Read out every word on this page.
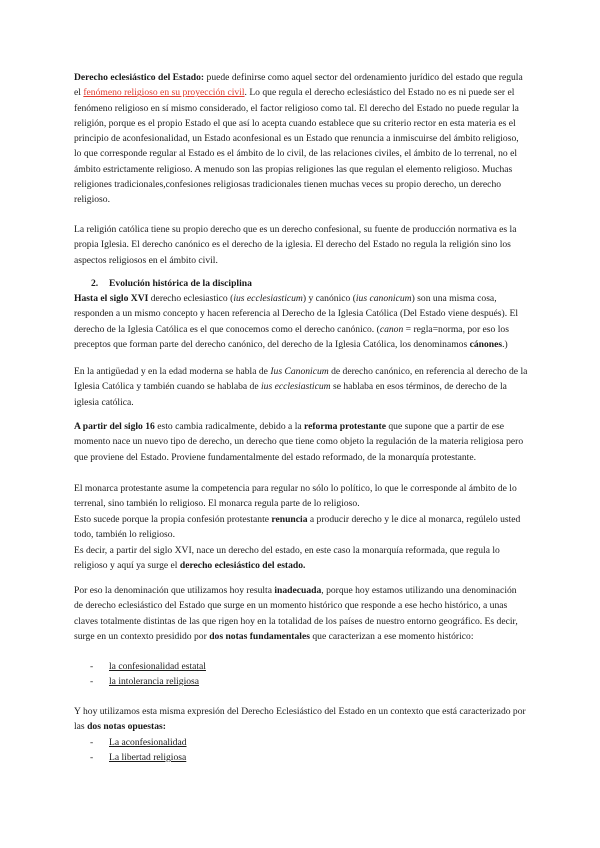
Derecho eclesiástico del Estado: puede definirse como aquel sector del ordenamiento jurídico del estado que regula el fenómeno religioso en su proyección civil. Lo que regula el derecho eclesiástico del Estado no es ni puede ser el fenómeno religioso en sí mismo considerado, el factor religioso como tal. El derecho del Estado no puede regular la religión, porque es el propio Estado el que así lo acepta cuando establece que su criterio rector en esta materia es el principio de aconfesionalidad, un Estado aconfesional es un Estado que renuncia a inmiscuirse del ámbito religioso, lo que corresponde regular al Estado es el ámbito de lo civil, de las relaciones civiles, el ámbito de lo terrenal, no el ámbito estrictamente religioso. A menudo son las propias religiones las que regulan el elemento religioso. Muchas religiones tradicionales,confesiones religiosas tradicionales tienen muchas veces su propio derecho, un derecho religioso.

La religión católica tiene su propio derecho que es un derecho confesional, su fuente de producción normativa es la propia Iglesia. El derecho canónico es el derecho de la iglesia. El derecho del Estado no regula la religión sino los aspectos religiosos en el ámbito civil.

2. Evolución histórica de la disciplina

Hasta el siglo XVI derecho eclesiastico (ius ecclesiasticum) y canónico (ius canonicum) son una misma cosa, responden a un mismo concepto y hacen referencia al Derecho de la Iglesia Católica (Del Estado viene después). El derecho de la Iglesia Católica es el que conocemos como el derecho canónico. (canon = regla=norma, por eso los preceptos que forman parte del derecho canónico, del derecho de la Iglesia Católica, los denominamos cánones.)

En la antigüedad y en la edad moderna se habla de Ius Canonicum de derecho canónico, en referencia al derecho de la Iglesia Católica y también cuando se hablaba de ius ecclesiasticum se hablaba en esos términos, de derecho de la iglesia católica.

A partir del siglo 16 esto cambia radicalmente, debido a la reforma protestante que supone que a partir de ese momento nace un nuevo tipo de derecho, un derecho que tiene como objeto la regulación de la materia religiosa pero que proviene del Estado. Proviene fundamentalmente del estado reformado, de la monarquía protestante.

El monarca protestante asume la competencia para regular no sólo lo político, lo que le corresponde al ámbito de lo terrenal, sino también lo religioso. El monarca regula parte de lo religioso.

Esto sucede porque la propia confesión protestante renuncia a producir derecho y le dice al monarca, regúlelo usted todo, también lo religioso.

Es decir, a partir del siglo XVI, nace un derecho del estado, en este caso la monarquía reformada, que regula lo religioso y aquí ya surge el derecho eclesiástico del estado.

Por eso la denominación que utilizamos hoy resulta inadecuada, porque hoy estamos utilizando una denominación de derecho eclesiástico del Estado que surge en un momento histórico que responde a ese hecho histórico, a unas claves totalmente distintas de las que rigen hoy en la totalidad de los países de nuestro entorno geográfico. Es decir, surge en un contexto presidido por dos notas fundamentales que caracterizan a ese momento histórico:

- la confesionalidad estatal
- la intolerancia religiosa

Y hoy utilizamos esta misma expresión del Derecho Eclesiástico del Estado en un contexto que está caracterizado por las dos notas opuestas:

- La aconfesionalidad
- La libertad religiosa
